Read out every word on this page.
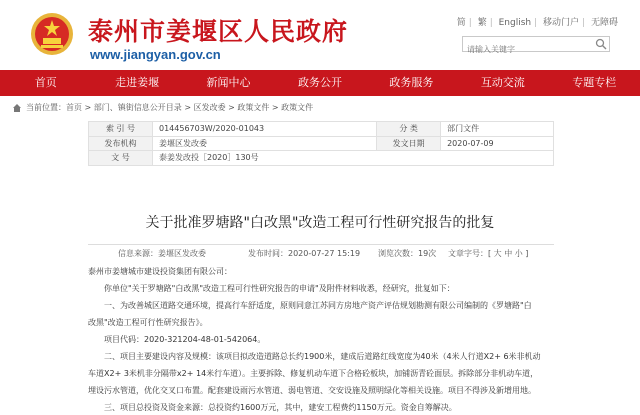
泰州市姜堰区人民政府
www.jiangyan.gov.cn
简 | 繁 | English | 移动门户 | 无障碍
请输入关键字
首页	走进姜堰	新闻中心	政务公开	政务服务	互动交流	专题专栏
当前位置：首页 > 部门、镇街信息公开目录 > 区发改委 > 政策文件 > 政策文件
索 引 号	014456703W/2020-01043	分 类	部门文件
发布机构	姜堰区发改委	发文日期	2020-07-09
文 号	泰姜发改投［2020］130号		
关于批准罗塘路"白改黑"改造工程可行性研究报告的批复
信息来源：姜堰区发改委	发布时间：2020-07-27 15:19 浏览次数：19次 文章字号：[ 大 中 小 ]

泰州市姜塘城市建设投资集团有限公司：

你单位"关于罗塘路"白改黑"改造工程可行性研究报告的申请"及附件材料收悉，经研究，批复如下：

一、为改善城区道路交通环境，提高行车舒适度，原则同意江苏同方房地产资产评估规划勘测有限公司编制的《罗塘路"白

改黑"改造工程可行性研究报告》。

项目代码：2020-321204-48-01-542064。

二、项目主要建设内容及规模：该项目拟改造道路总长约1900米，建成后道路红线宽度为40米（4米人行道X2+ 6米非机动

车道X2+ 3米机非分隔带x2+ 14米行车道）。主要拆除、修复机动车道下合格砼板块，加铺沥青砼面层。拆除部分非机动车道，

埋设污水管道，优化交叉口布置。配套建设雨污水管道、弱电管道、交安设施及照明绿化等相关设施。项目不得涉及新增用地。

三、项目总投资及资金来源：总投资约1600万元，其中，建安工程费约1150万元。资金自筹解决。
